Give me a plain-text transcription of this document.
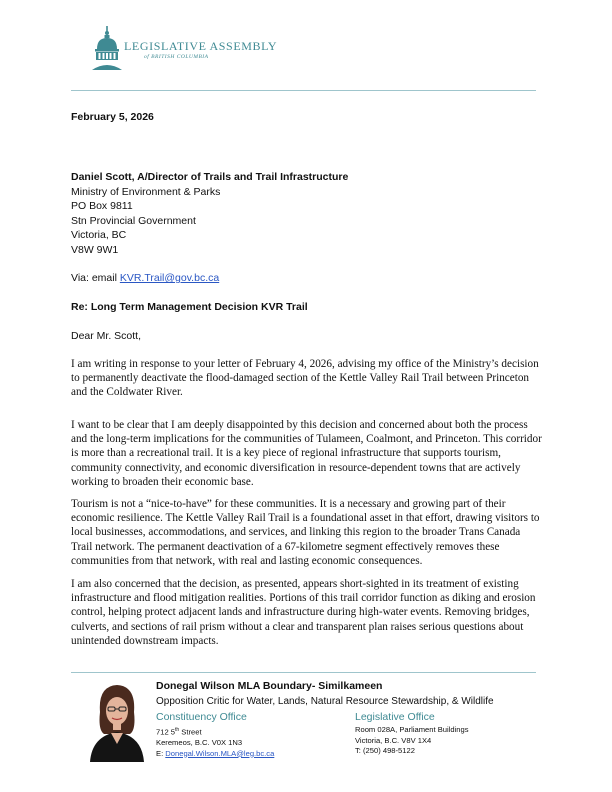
LEGISLATIVE ASSEMBLY
of BRITISH COLUMBIA
February 5, 2026
Daniel Scott, A/Director of Trails and Trail Infrastructure
Ministry of Environment & Parks
PO Box 9811
Stn Provincial Government
Victoria, BC
V8W 9W1
Via: email KVR.Trail@gov.bc.ca
Re: Long Term Management Decision KVR Trail
Dear Mr. Scott,
I am writing in response to your letter of February 4, 2026, advising my office of the Ministry’s decision to permanently deactivate the flood-damaged section of the Kettle Valley Rail Trail between Princeton and the Coldwater River.
I want to be clear that I am deeply disappointed by this decision and concerned about both the process and the long-term implications for the communities of Tulameen, Coalmont, and Princeton. This corridor is more than a recreational trail. It is a key piece of regional infrastructure that supports tourism, community connectivity, and economic diversification in resource-dependent towns that are actively working to broaden their economic base.
Tourism is not a “nice-to-have” for these communities. It is a necessary and growing part of their economic resilience. The Kettle Valley Rail Trail is a foundational asset in that effort, drawing visitors to local businesses, accommodations, and services, and linking this region to the broader Trans Canada Trail network. The permanent deactivation of a 67-kilometre segment effectively removes these communities from that network, with real and lasting economic consequences.
I am also concerned that the decision, as presented, appears short-sighted in its treatment of existing infrastructure and flood mitigation realities. Portions of this trail corridor function as diking and erosion control, helping protect adjacent lands and infrastructure during high-water events. Removing bridges, culverts, and sections of rail prism without a clear and transparent plan raises serious questions about unintended downstream impacts.
Donegal Wilson MLA Boundary- Similkameen
Opposition Critic for Water, Lands, Natural Resource Stewardship, & Wildlife
Constituency Office
712 5th Street
Keremeos, B.C. V0X 1N3
E: Donegal.Wilson.MLA@leg.bc.ca
Legislative Office
Room 028A, Parliament Buildings
Victoria, B.C. V8V 1X4
T: (250) 498-5122
